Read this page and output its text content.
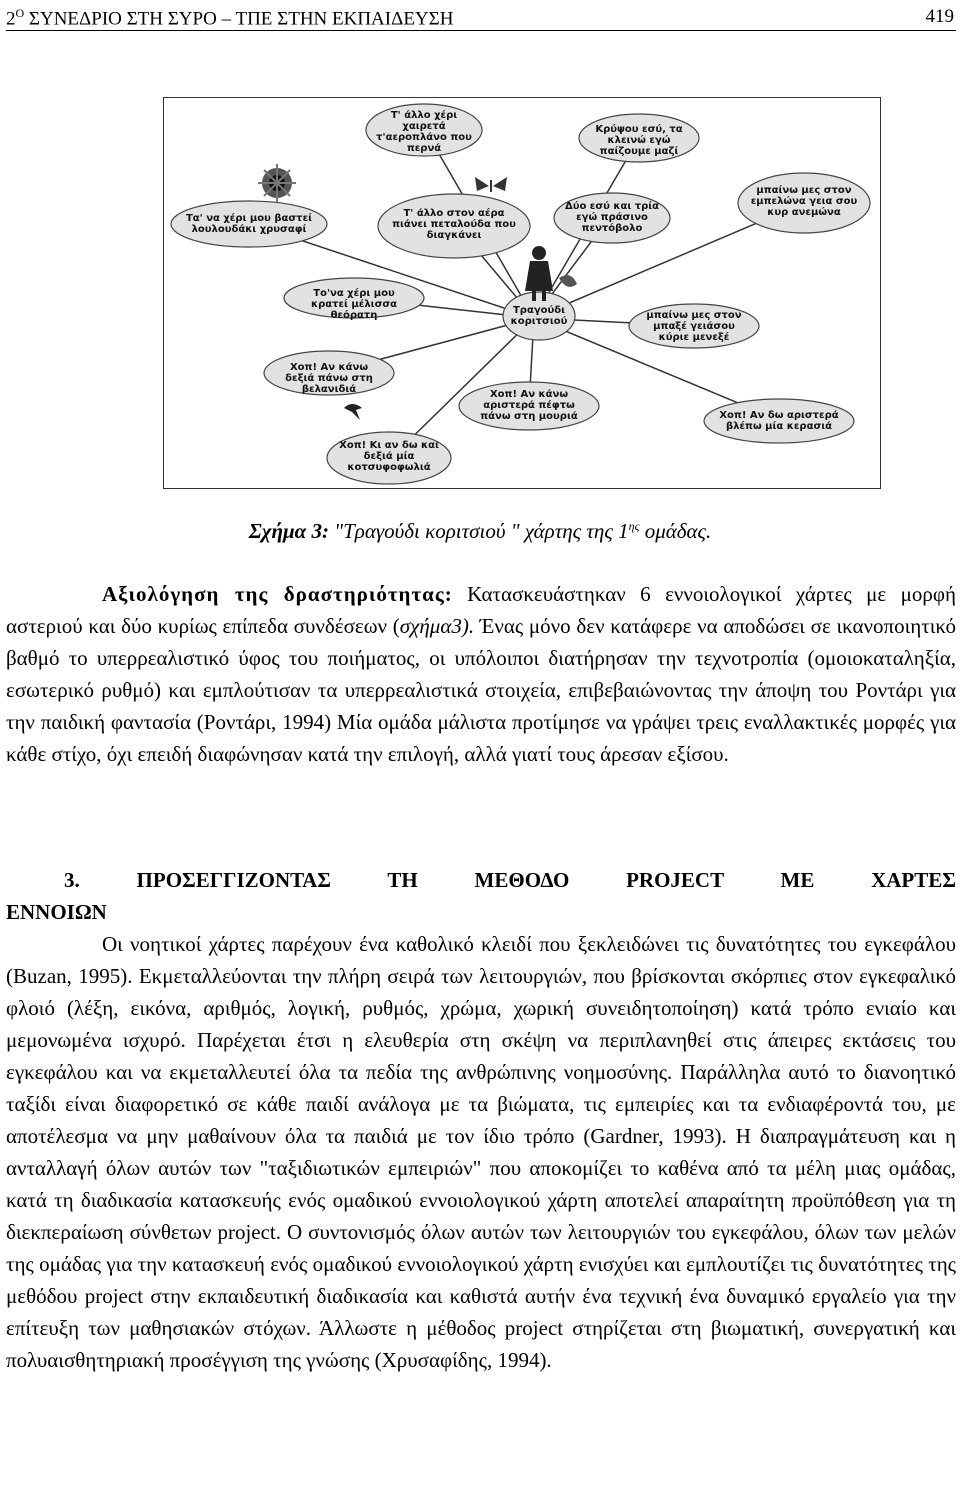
$2^O$ ΣΥΝΕΔΡΙΟ ΣΤΗ ΣΥΡΟ – ΤΠΕ ΣΤΗΝ ΕΚΠΑΙΔΕΥΣΗ	419
Τ' άλλο χέρι χαιρετά τ'αεροπλάνο που περνά
Κρύψου εσύ, τα κλεινώ εγώ παίζουμε μαζί
Τα' να χέρι μου βαστεί λουλουδάκι χρυσαφί
Τ' άλλο στον αέρα πιάνει πεταλούδα που διαγκάνει
Δύο εσύ και τρία εγώ πράσινο πεντόβολο
μπαίνω μες στον εμπελώνα γεια σου κυρ ανεμώνα
Το'να χέρι μου κρατεί μέλισσα θεόρατη	Τραγούδι κοριτσιού
μπαίνω μες στον μπαξέ γειάσου κύριε μενεξέ
Χοπ! Αν κάνω δεξιά πάνω στη βελανιδιά	Χοπ! Αν κάνω αριστερά πέφτω πάνω στη μουριά	Χοπ! Αν δω αριστερά βλέπω μία κερασιά
Χοπ! Κι αν δω και δεξιά μία κοτσυφοφωλιά
Σχήμα 3: "Τραγούδι κοριτσιού " χάρτης της $1^{\eta\varsigma}$ ομάδας.
Αξιολόγηση της δραστηριότητας: Κατασκευάστηκαν 6 εννοιολογικοί χάρτες με μορφή αστεριού και δύο κυρίως επίπεδα συνδέσεων (σχήμα3). Ένας μόνο δεν κατάφερε να αποδώσει σε ικανοποιητικό βαθμό το υπερρεαλιστικό ύφος του ποιήματος, οι υπόλοιποι διατήρησαν την τεχνοτροπία (ομοιοκαταληξία, εσωτερικό ρυθμό) και εμπλούτισαν τα υπερρεαλιστικά στοιχεία, επιβεβαιώνοντας την άποψη του Ροντάρι για την παιδική φαντασία (Ροντάρι, 1994) Μία ομάδα μάλιστα προτίμησε να γράψει τρεις εναλλακτικές μορφές για κάθε στίχο, όχι επειδή διαφώνησαν κατά την επιλογή, αλλά γιατί τους άρεσαν εξίσου.
3. ΠΡΟΣΕΓΓΙΖΟΝΤΑΣ ΤΗ ΜΕΘΟΔΟ PROJECT ΜΕ ΧΑΡΤΕΣ
ΕΝΝΟΙΩΝ
Οι νοητικοί χάρτες παρέχουν ένα καθολικό κλειδί που ξεκλειδώνει τις δυνατότητες του εγκεφάλου (Buzan, 1995). Εκμεταλλεύονται την πλήρη σειρά των λειτουργιών, που βρίσκονται σκόρπιες στον εγκεφαλικό φλοιό (λέξη, εικόνα, αριθμός, λογική, ρυθμός, χρώμα, χωρική συνειδητοποίηση) κατά τρόπο ενιαίο και μεμονωμένα ισχυρό. Παρέχεται έτσι η ελευθερία στη σκέψη να περιπλανηθεί στις άπειρες εκτάσεις του εγκεφάλου και να εκμεταλλευτεί όλα τα πεδία της ανθρώπινης νοημοσύνης. Παράλληλα αυτό το διανοητικό ταξίδι είναι διαφορετικό σε κάθε παιδί ανάλογα με τα βιώματα, τις εμπειρίες και τα ενδιαφέροντά του, με αποτέλεσμα να μην μαθαίνουν όλα τα παιδιά με τον ίδιο τρόπο (Gardner, 1993). Η διαπραγμάτευση και η ανταλλαγή όλων αυτών των "ταξιδιωτικών εμπειριών" που αποκομίζει το καθένα από τα μέλη μιας ομάδας, κατά τη διαδικασία κατασκευής ενός ομαδικού εννοιολογικού χάρτη αποτελεί απαραίτητη προϋπόθεση για τη διεκπεραίωση σύνθετων project. Ο συντονισμός όλων αυτών των λειτουργιών του εγκεφάλου, όλων των μελών της ομάδας για την κατασκευή ενός ομαδικού εννοιολογικού χάρτη ενισχύει και εμπλουτίζει τις δυνατότητες της μεθόδου project στην εκπαιδευτική διαδικασία και καθιστά αυτήν ένα τεχνική ένα δυναμικό εργαλείο για την επίτευξη των μαθησιακών στόχων. Άλλωστε η μέθοδος project στηρίζεται στη βιωματική, συνεργατική και πολυαισθητηριακή προσέγγιση της γνώσης (Χρυσαφίδης, 1994).
